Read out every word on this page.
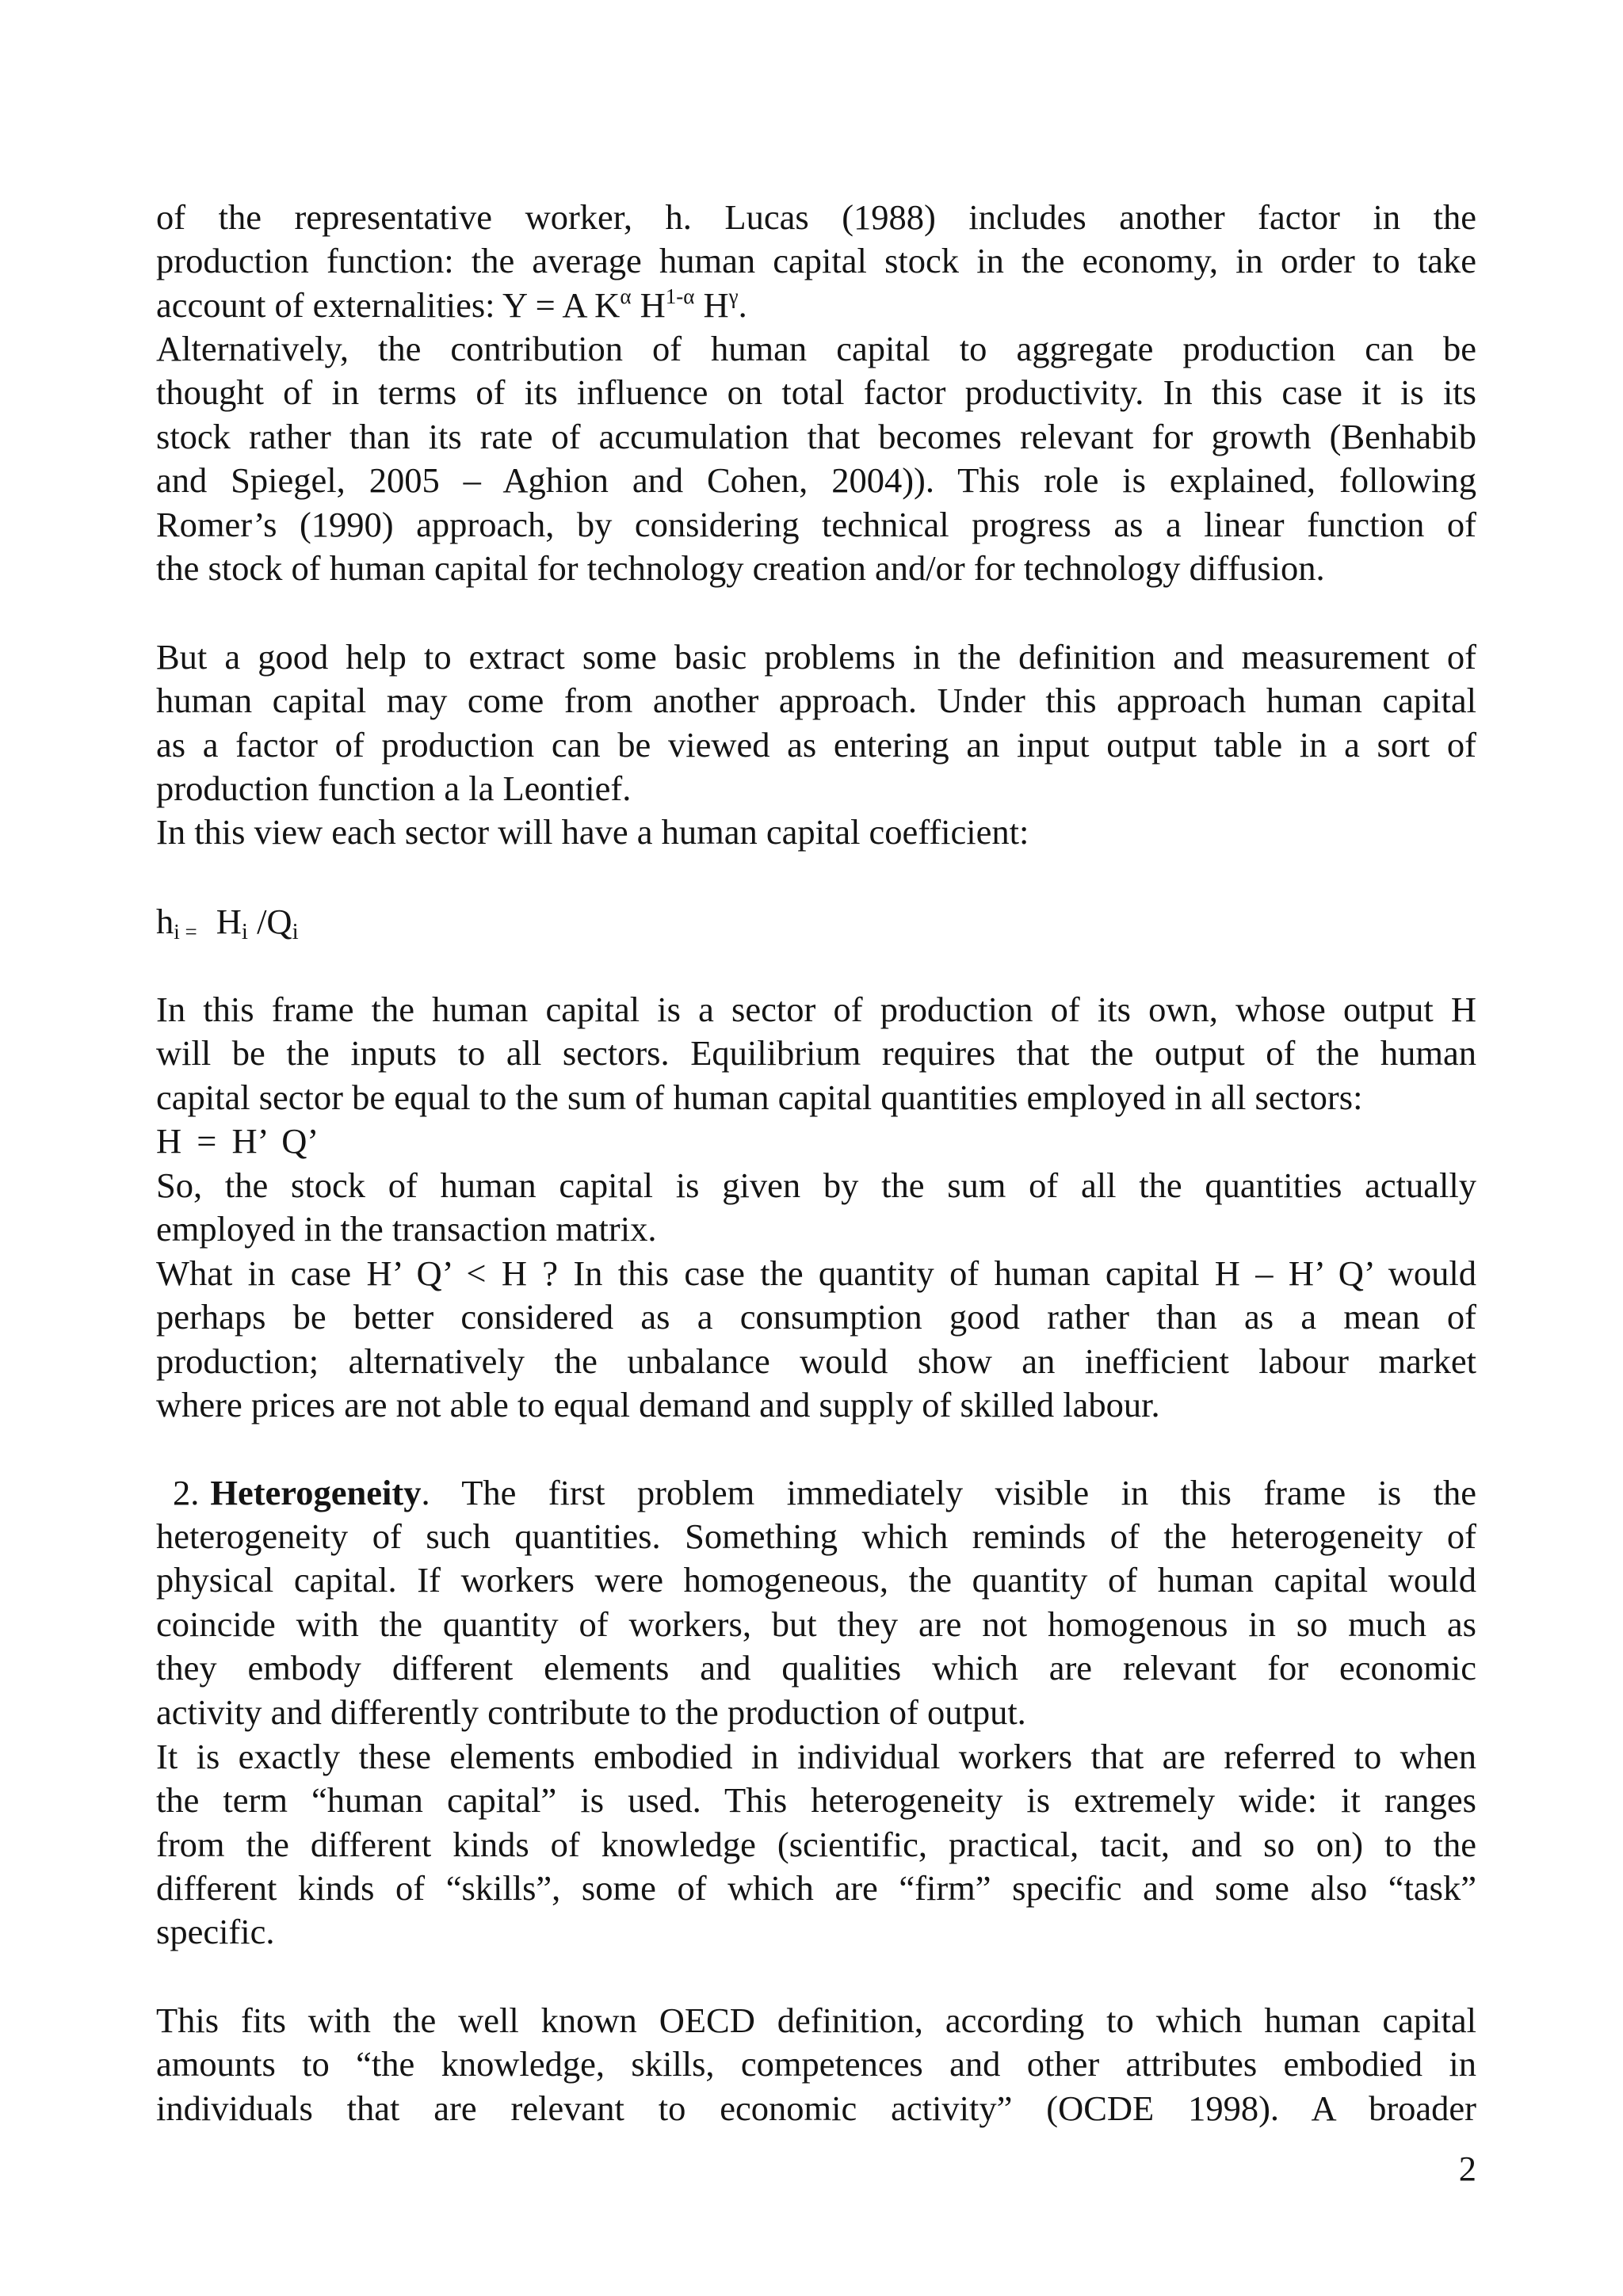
of the representative worker, h. Lucas (1988) includes another factor in the
production function: the average human capital stock in the economy, in order to take
account of externalities: Y = A $K^\alpha$ $H^{1-\alpha}$ $H^\gamma$.
Alternatively, the contribution of human capital to aggregate production can be
thought of in terms of its influence on total factor productivity. In this case it is its
stock rather than its rate of accumulation that becomes relevant for growth (Benhabib
and Spiegel, 2005 – Aghion and Cohen, 2004)). This role is explained, following
Romer’s (1990) approach, by considering technical progress as a linear function of
the stock of human capital for technology creation and/or for technology diffusion.
But a good help to extract some basic problems in the definition and measurement of
human capital may come from another approach. Under this approach human capital
as a factor of production can be viewed as entering an input output table in a sort of
production function a la Leontief.
In this view each sector will have a human capital coefficient:
$h_{i =}$ $H_i$ $/Q_i$
In this frame the human capital is a sector of production of its own, whose output H
will be the inputs to all sectors. Equilibrium requires that the output of the human
capital sector be equal to the sum of human capital quantities employed in all sectors:
H = H’ Q’
So, the stock of human capital is given by the sum of all the quantities actually
employed in the transaction matrix.
What in case H’ Q’ < H ? In this case the quantity of human capital H – H’ Q’ would
perhaps be better considered as a consumption good rather than as a mean of
production; alternatively the unbalance would show an inefficient labour market
where prices are not able to equal demand and supply of skilled labour.
2. Heterogeneity . The first problem immediately visible in this frame is the
heterogeneity of such quantities. Something which reminds of the heterogeneity of
physical capital. If workers were homogeneous, the quantity of human capital would
coincide with the quantity of workers, but they are not homogenous in so much as
they embody different elements and qualities which are relevant for economic
activity and differently contribute to the production of output.
It is exactly these elements embodied in individual workers that are referred to when
the term “human capital” is used. This heterogeneity is extremely wide: it ranges
from the different kinds of knowledge (scientific, practical, tacit, and so on) to the
different kinds of “skills”, some of which are “firm” specific and some also “task”
specific.
This fits with the well known OECD definition, according to which human capital
amounts to “the knowledge, skills, competences and other attributes embodied in
individuals that are relevant to economic activity” (OCDE 1998). A broader
2
